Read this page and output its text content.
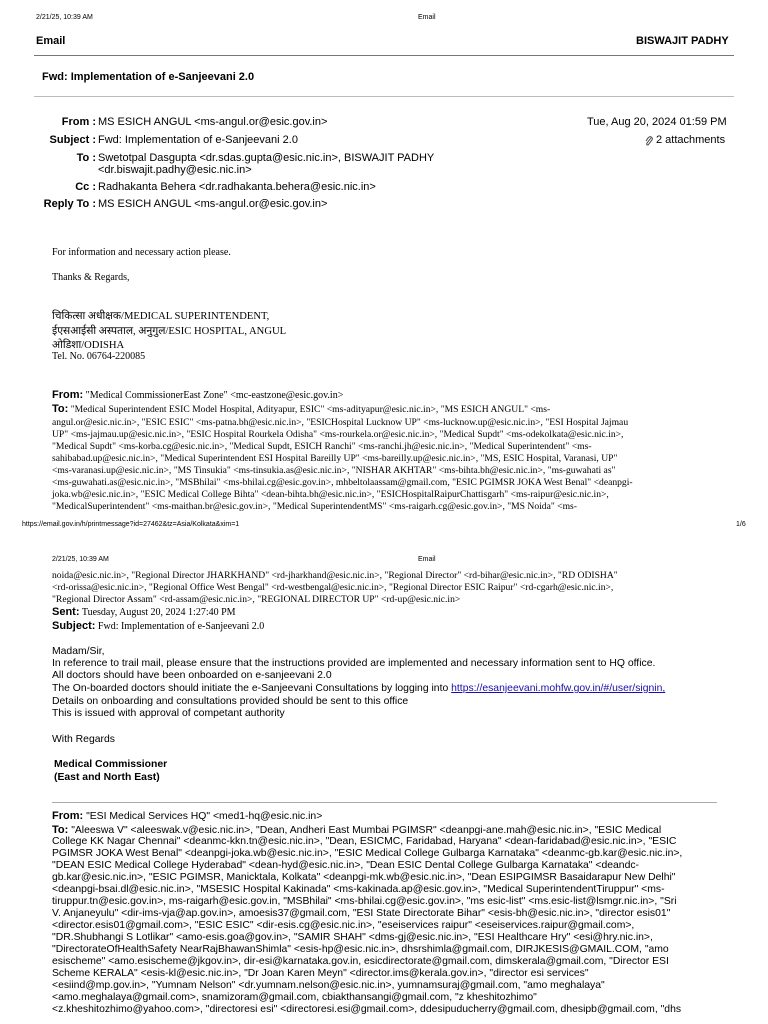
2/21/25, 10:39 AM	Email
Email	BISWAJIT PADHY
Fwd: Implementation of e-Sanjeevani 2.0
From : MS ESICH ANGUL <ms-angul.or@esic.gov.in>
Subject : Fwd: Implementation of e-Sanjeevani 2.0
To : Swetotpal Dasgupta <dr.sdas.gupta@esic.nic.in>, BISWAJIT PADHY
<dr.biswajit.padhy@esic.nic.in>
Cc : Radhakanta Behera <dr.radhakanta.behera@esic.nic.in>
Reply To : MS ESICH ANGUL <ms-angul.or@esic.gov.in>
Tue, Aug 20, 2024 01:59 PM
2 attachments
For information and necessary action please.
Thanks & Regards,
चिकित्सा अधीक्षक/MEDICAL SUPERINTENDENT,
ईएसआईसी अस्पताल, अनुगुल/ESIC HOSPITAL, ANGUL
ओडिशा/ODISHA
Tel. No. 06764-220085
From: "Medical CommissionerEast Zone" <mc-eastzone@esic.gov.in>
To: "Medical Superintendent ESIC Model Hospital, Adityapur, ESIC" <ms-adityapur@esic.nic.in>, "MS ESICH ANGUL" <ms-
angul.or@esic.nic.in>, "ESIC ESIC" <ms-patna.bh@esic.nic.in>, "ESICHospital Lucknow UP" <ms-lucknow.up@esic.nic.in>, "ESI Hospital Jajmau
UP" <ms-jajmau.up@esic.nic.in>, "ESIC Hospital Rourkela Odisha" <ms-rourkela.or@esic.nic.in>, "Medical Supdt" <ms-odekolkata@esic.nic.in>,
"Medical Supdt" <ms-korba.cg@esic.nic.in>, "Medical Supdt, ESICH Ranchi" <ms-ranchi.jh@esic.nic.in>, "Medical Superintendent" <ms-
sahibabad.up@esic.nic.in>, "Medical Superintendent ESI Hospital Bareilly UP" <ms-bareilly.up@esic.nic.in>, "MS, ESIC Hospital, Varanasi, UP"
<ms-varanasi.up@esic.nic.in>, "MS Tinsukia" <ms-tinsukia.as@esic.nic.in>, "NISHAR AKHTAR" <ms-bihta.bh@esic.nic.in>, "ms-guwahati as"
<ms-guwahati.as@esic.nic.in>, "MSBhilai" <ms-bhilai.cg@esic.gov.in>, mhbeltolaassam@gmail.com, "ESIC PGIMSR JOKA West Benal" <deanpgi-
joka.wb@esic.nic.in>, "ESIC Medical College Bihta" <dean-bihta.bh@esic.nic.in>, "ESICHospitalRaipurChattisgarh" <ms-raipur@esic.nic.in>,
"MedicalSuperintendent" <ms-maithan.br@esic.gov.in>, "Medical SuperintendentMS" <ms-raigarh.cg@esic.gov.in>, "MS Noida" <ms-
https://email.gov.in/h/printmessage?id=27462&tz=Asia/Kolkata&xim=1	1/6
2/21/25, 10:39 AM	Email
noida@esic.nic.in>, "Regional Director JHARKHAND" <rd-jharkhand@esic.nic.in>, "Regional Director" <rd-bihar@esic.nic.in>, "RD ODISHA"
<rd-orissa@esic.nic.in>, "Regional Office West Bengal" <rd-westbengal@esic.nic.in>, "Regional Director ESIC Raipur" <rd-cgarh@esic.nic.in>,
"Regional Director Assam" <rd-assam@esic.nic.in>, "REGIONAL DIRECTOR UP" <rd-up@esic.nic.in>
Sent: Tuesday, August 20, 2024 1:27:40 PM
Subject: Fwd: Implementation of e-Sanjeevani 2.0
Madam/Sir,
In reference to trail mail, please ensure that the instructions provided are implemented and necessary information sent to HQ office.
All doctors should have been onboarded on e-sanjeevani 2.0
The On-boarded doctors should initiate the e-Sanjeevani Consultations by logging into https://esanjeevani.mohfw.gov.in/#/user/signin,
Details on onboarding and consultations provided should be sent to this office
This is issued with approval of competant authority
With Regards
Medical Commissioner
(East and North East)
From: "ESI Medical Services HQ" <med1-hq@esic.nic.in>
To: "Aleeswa V" <aleeswak.v@esic.nic.in>, "Dean, Andheri East Mumbai PGIMSR" <deanpgi-ane.mah@esic.nic.in>, "ESIC Medical
College KK Nagar Chennai" <deanmc-kkn.tn@esic.nic.in>, "Dean, ESICMC, Faridabad, Haryana" <dean-faridabad@esic.nic.in>, "ESIC
PGIMSR JOKA West Benal" <deanpgi-joka.wb@esic.nic.in>, "ESIC Medical College Gulbarga Karnataka" <deanmc-gb.kar@esic.nic.in>,
"DEAN ESIC Medical College Hyderabad" <dean-hyd@esic.nic.in>, "Dean ESIC Dental College Gulbarga Karnataka" <deandc-
gb.kar@esic.nic.in>, "ESIC PGIMSR, Manicktala, Kolkata" <deanpgi-mk.wb@esic.nic.in>, "Dean ESIPGIMSR Basaidarapur New Delhi"
<deanpgi-bsai.dl@esic.nic.in>, "MSESIC Hospital Kakinada" <ms-kakinada.ap@esic.gov.in>, "Medical SuperintendentTiruppur" <ms-
tiruppur.tn@esic.gov.in>, ms-raigarh@esic.gov.in, "MSBhilai" <ms-bhilai.cg@esic.gov.in>, "ms esic-list" <ms.esic-list@lsmgr.nic.in>, "Sri
V. Anjaneyulu" <dir-ims-vja@ap.gov.in>, amoesis37@gmail.com, "ESI State Directorate Bihar" <esis-bh@esic.nic.in>, "director esis01"
<director.esis01@gmail.com>, "ESIC ESIC" <dir-esis.cg@esic.nic.in>, "eseiservices raipur" <eseiservices.raipur@gmail.com>,
"DR.Shubhangi S Lotlikar" <amo-esis.goa@gov.in>, "SAMIR SHAH" <dms-gj@esic.nic.in>, "ESI Healthcare Hry" <esi@hry.nic.in>,
"DirectorateOfHealthSafety NearRajBhawanShimla" <esis-hp@esic.nic.in>, dhsrshimla@gmail.com, DIRJKESIS@GMAIL.COM, "amo
esischeme" <amo.esischeme@jkgov.in>, dir-esi@karnataka.gov.in, esicdirectorate@gmail.com, dimskerala@gmail.com, "Director ESI
Scheme KERALA" <esis-kl@esic.nic.in>, "Dr Joan Karen Meyn" <director.ims@kerala.gov.in>, "director esi services"
<esiind@mp.gov.in>, "Yumnam Nelson" <dr.yumnam.nelson@esic.nic.in>, yumnamsuraj@gmail.com, "amo meghalaya"
<amo.meghalaya@gmail.com>, snamizoram@gmail.com, cbiakthansangi@gmail.com, "z kheshitozhimo"
<z.kheshitozhimo@yahoo.com>, "directoresi esi" <directoresi.esi@gmail.com>, ddesipuducherry@gmail.com, dhesipb@gmail.com, "dhs
